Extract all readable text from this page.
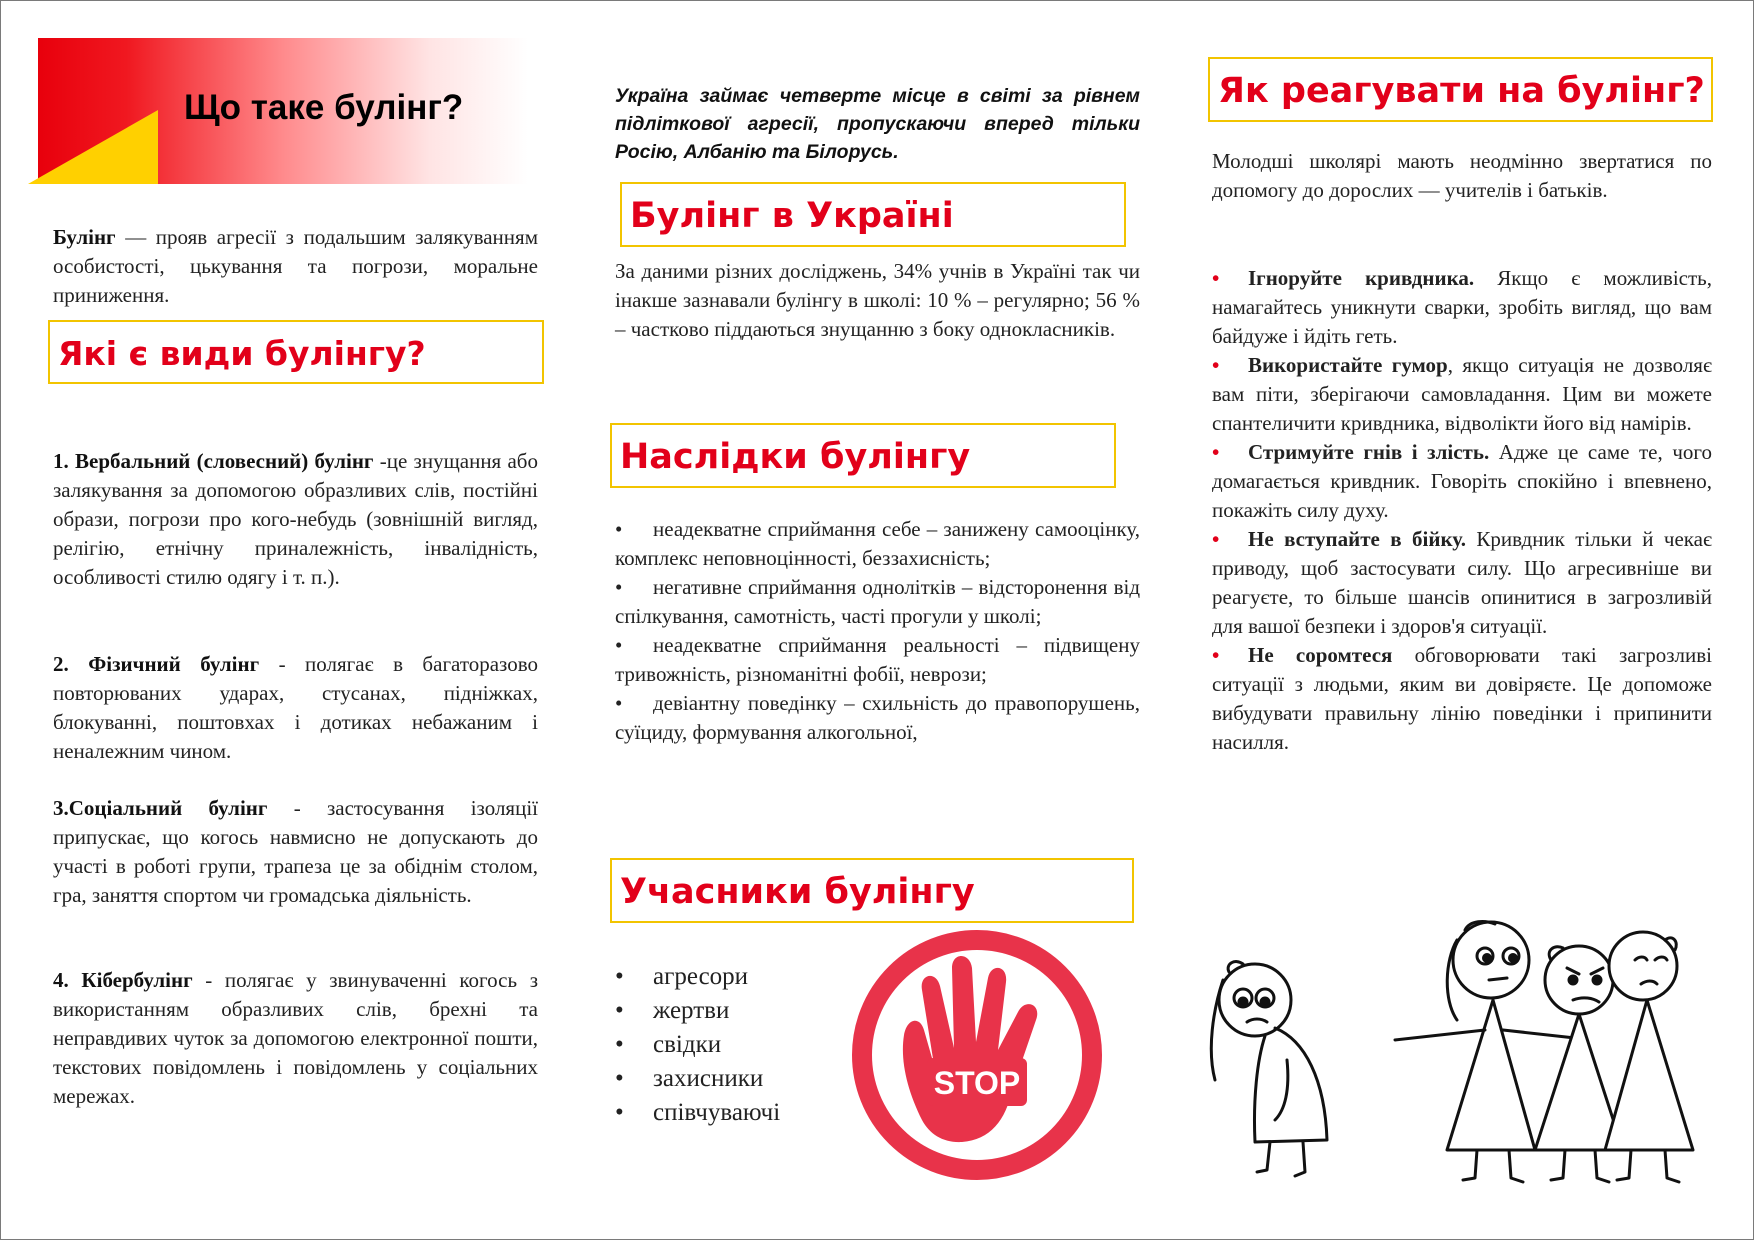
Що таке булінг?
Булінг — прояв агресії з подальшим залякуванням особистості, цькування та погрози, моральне приниження.
Які є види булінгу?
1. Вербальний (словесний) булінг -це знущання або залякування за допомогою образливих слів, постійні образи, погрози про кого-небудь (зовнішній вигляд, релігію, етнічну приналежність, інвалідність, особливості стилю одягу і т. п.).
2. Фізичний булінг - полягає в багаторазово повторюваних ударах, стусанах, підніжках, блокуванні, поштовхах і дотиках небажаним і неналежним чином.
3.Соціальний булінг - застосування ізоляції припускає, що когось навмисно не допускають до участі в роботі групи, трапеза це за обіднім столом, гра, заняття спортом чи громадська діяльність.
4. Кібербулінг - полягає у звинуваченні когось з використанням образливих слів, брехні та неправдивих чуток за допомогою електронної пошти, текстових повідомлень і повідомлень у соціальних мережах.
Україна займає четверте місце в світі за рівнем підліткової агресії, пропускаючи вперед тільки Росію, Албанію та Білорусь.
Булінг в Україні
За даними різних досліджень, 34% учнів в Україні так чи інакше зазнавали булінгу в школі: 10 % – регулярно; 56 % – частково піддаються знущанню з боку однокласників.
Наслідки булінгу
• неадекватне сприймання себе – занижену самооцінку, комплекс неповноцінності, беззахисність;
• негативне сприймання однолітків – відсторонення від спілкування, самотність, часті прогули у школі;
• неадекватне сприймання реальності – підвищену тривожність, різноманітні фобії, неврози;
• девіантну поведінку – схильність до правопорушень, суїциду, формування алкогольної,
Учасники булінгу
• агресори
• жертви
• свідки
• захисники
• співчуваючі
STOP
Як реагувати на булінг?
Молодші школярі мають неодмінно звертатися по допомогу до дорослих — учителів і батьків.
• Ігноруйте кривдника. Якщо є можливість, намагайтесь уникнути сварки, зробіть вигляд, що вам байдуже і йдіть геть.
• Використайте гумор, якщо ситуація не дозволяє вам піти, зберігаючи самовладання. Цим ви можете спантеличити кривдника, відволікти його від намірів.
• Стримуйте гнів і злість. Адже це саме те, чого домагається кривдник. Говоріть спокійно і впевнено, покажіть силу духу.
• Не вступайте в бійку. Кривдник тільки й чекає приводу, щоб застосувати силу. Що агресивніше ви реагуєте, то більше шансів опинитися в загрозливій для вашої безпеки і здоров'я ситуації.
• Не соромтеся обговорювати такі загрозливі ситуації з людьми, яким ви довіряєте. Це допоможе вибудувати правильну лінію поведінки і припинити насилля.
